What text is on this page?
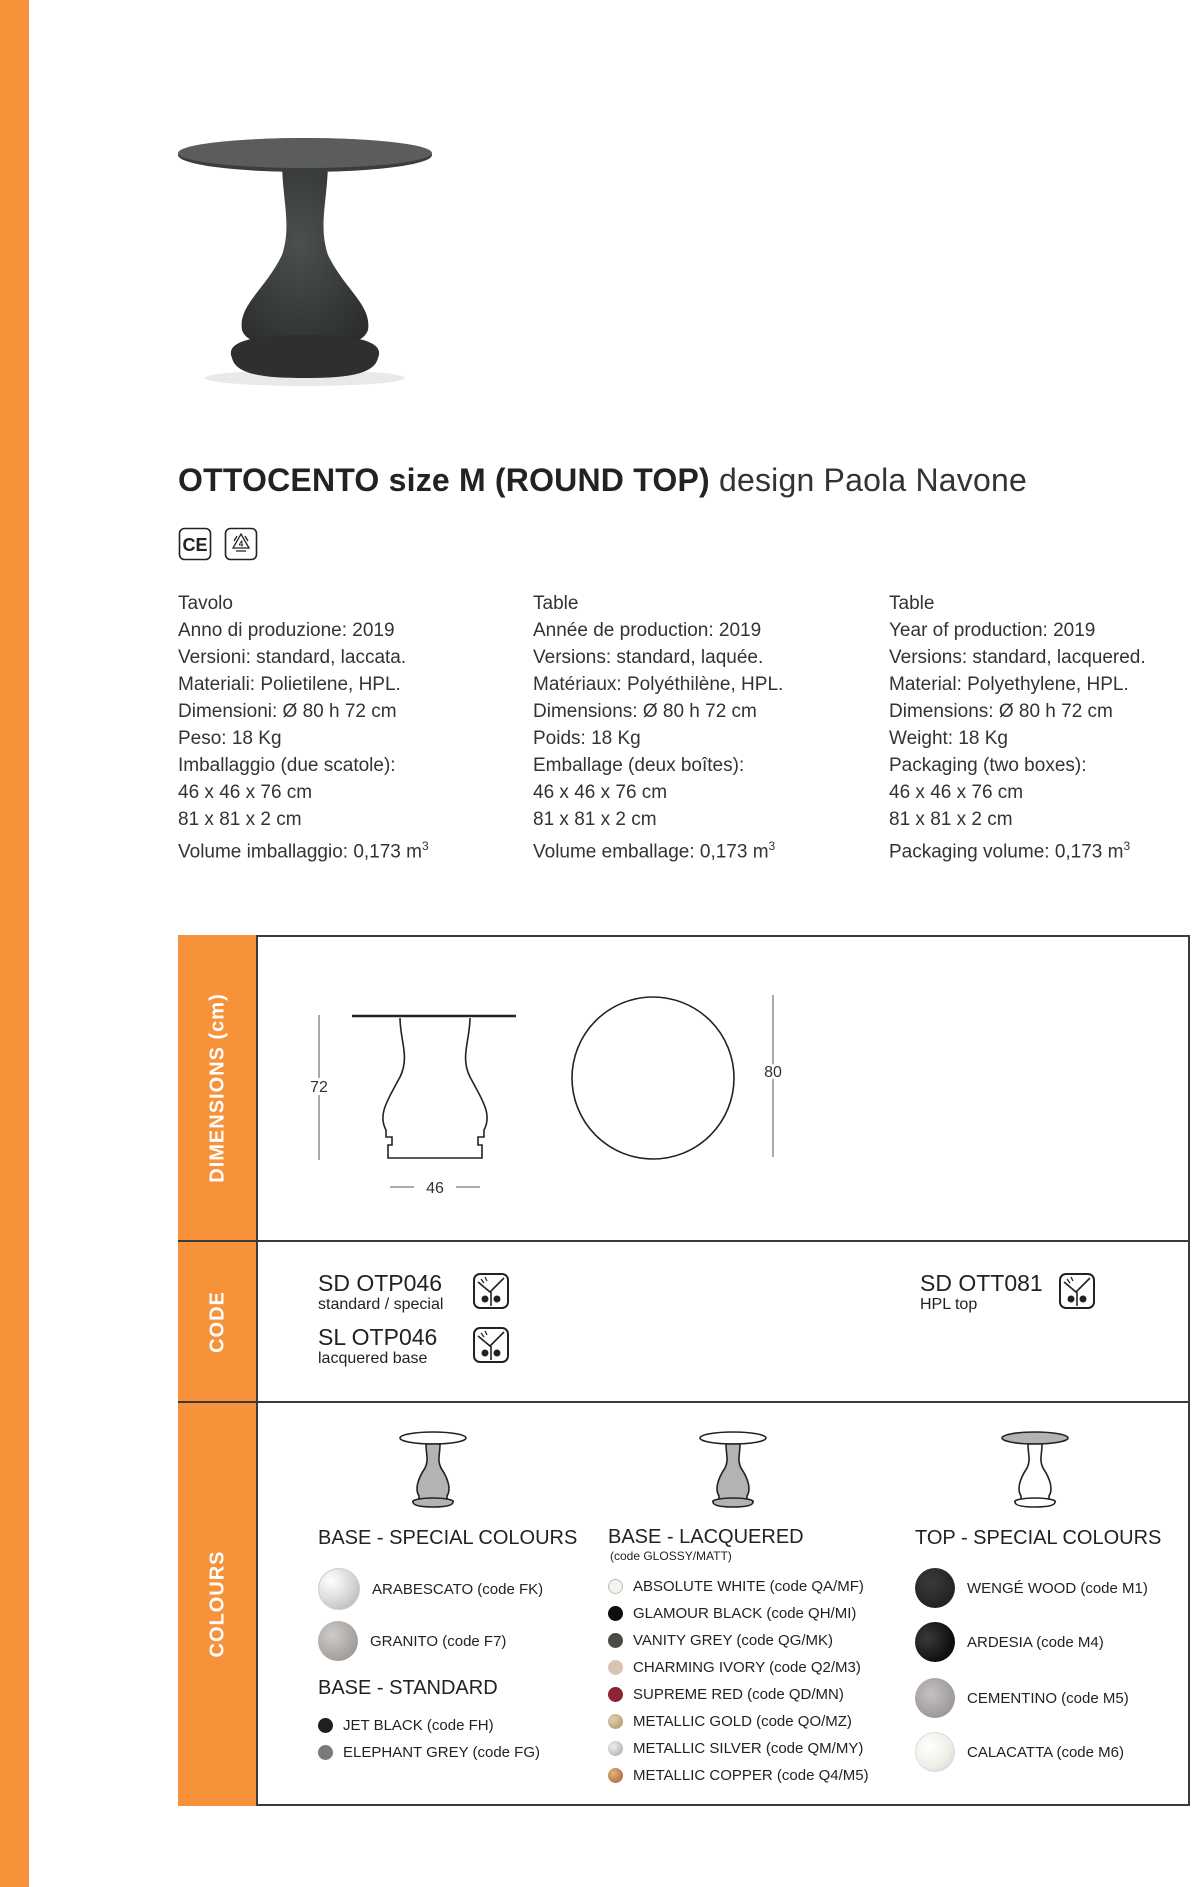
OTTOCENTO size M (ROUND TOP) design Paola Navone
CE	4
Tavolo
Anno di produzione: 2019
Versioni: standard, laccata.
Materiali: Polietilene, HPL.
Dimensioni: Ø 80 h 72 cm
Peso: 18 Kg
Imballaggio (due scatole):
46 x 46 x 76 cm
81 x 81 x 2 cm
Volume imballaggio: 0,173 $m^3$
Table
Année de production: 2019
Versions: standard, laquée.
Matériaux: Polyéthilène, HPL.
Dimensions: Ø 80 h 72 cm
Poids: 18 Kg
Emballage (deux boîtes):
46 x 46 x 76 cm
81 x 81 x 2 cm
Volume emballage: 0,173 $m^3$
Table
Year of production: 2019
Versions: standard, lacquered.
Material: Polyethylene, HPL.
Dimensions: Ø 80 h 72 cm
Weight: 18 Kg
Packaging (two boxes):
46 x 46 x 76 cm
81 x 81 x 2 cm
Packaging volume: 0,173 $m^3$
DIMENSIONS (cm)
CODE
COLOURS
72
46
80
SD OTP046
standard / special
SL OTP046
lacquered base
SD OTT081
HPL top
BASE - SPECIAL COLOURS
ARABESCATO (code FK)
GRANITO (code F7)
BASE - STANDARD
JET BLACK (code FH)
ELEPHANT GREY (code FG)
BASE - LACQUERED
(code GLOSSY/MATT)
ABSOLUTE WHITE (code QA/MF)
GLAMOUR BLACK (code QH/MI)
VANITY GREY (code QG/MK)
CHARMING IVORY (code Q2/M3)
SUPREME RED (code QD/MN)
METALLIC GOLD (code QO/MZ)
METALLIC SILVER (code QM/MY)
METALLIC COPPER (code Q4/M5)
TOP - SPECIAL COLOURS
WENGÉ WOOD (code M1)
ARDESIA (code M4)
CEMENTINO (code M5)
CALACATTA (code M6)
